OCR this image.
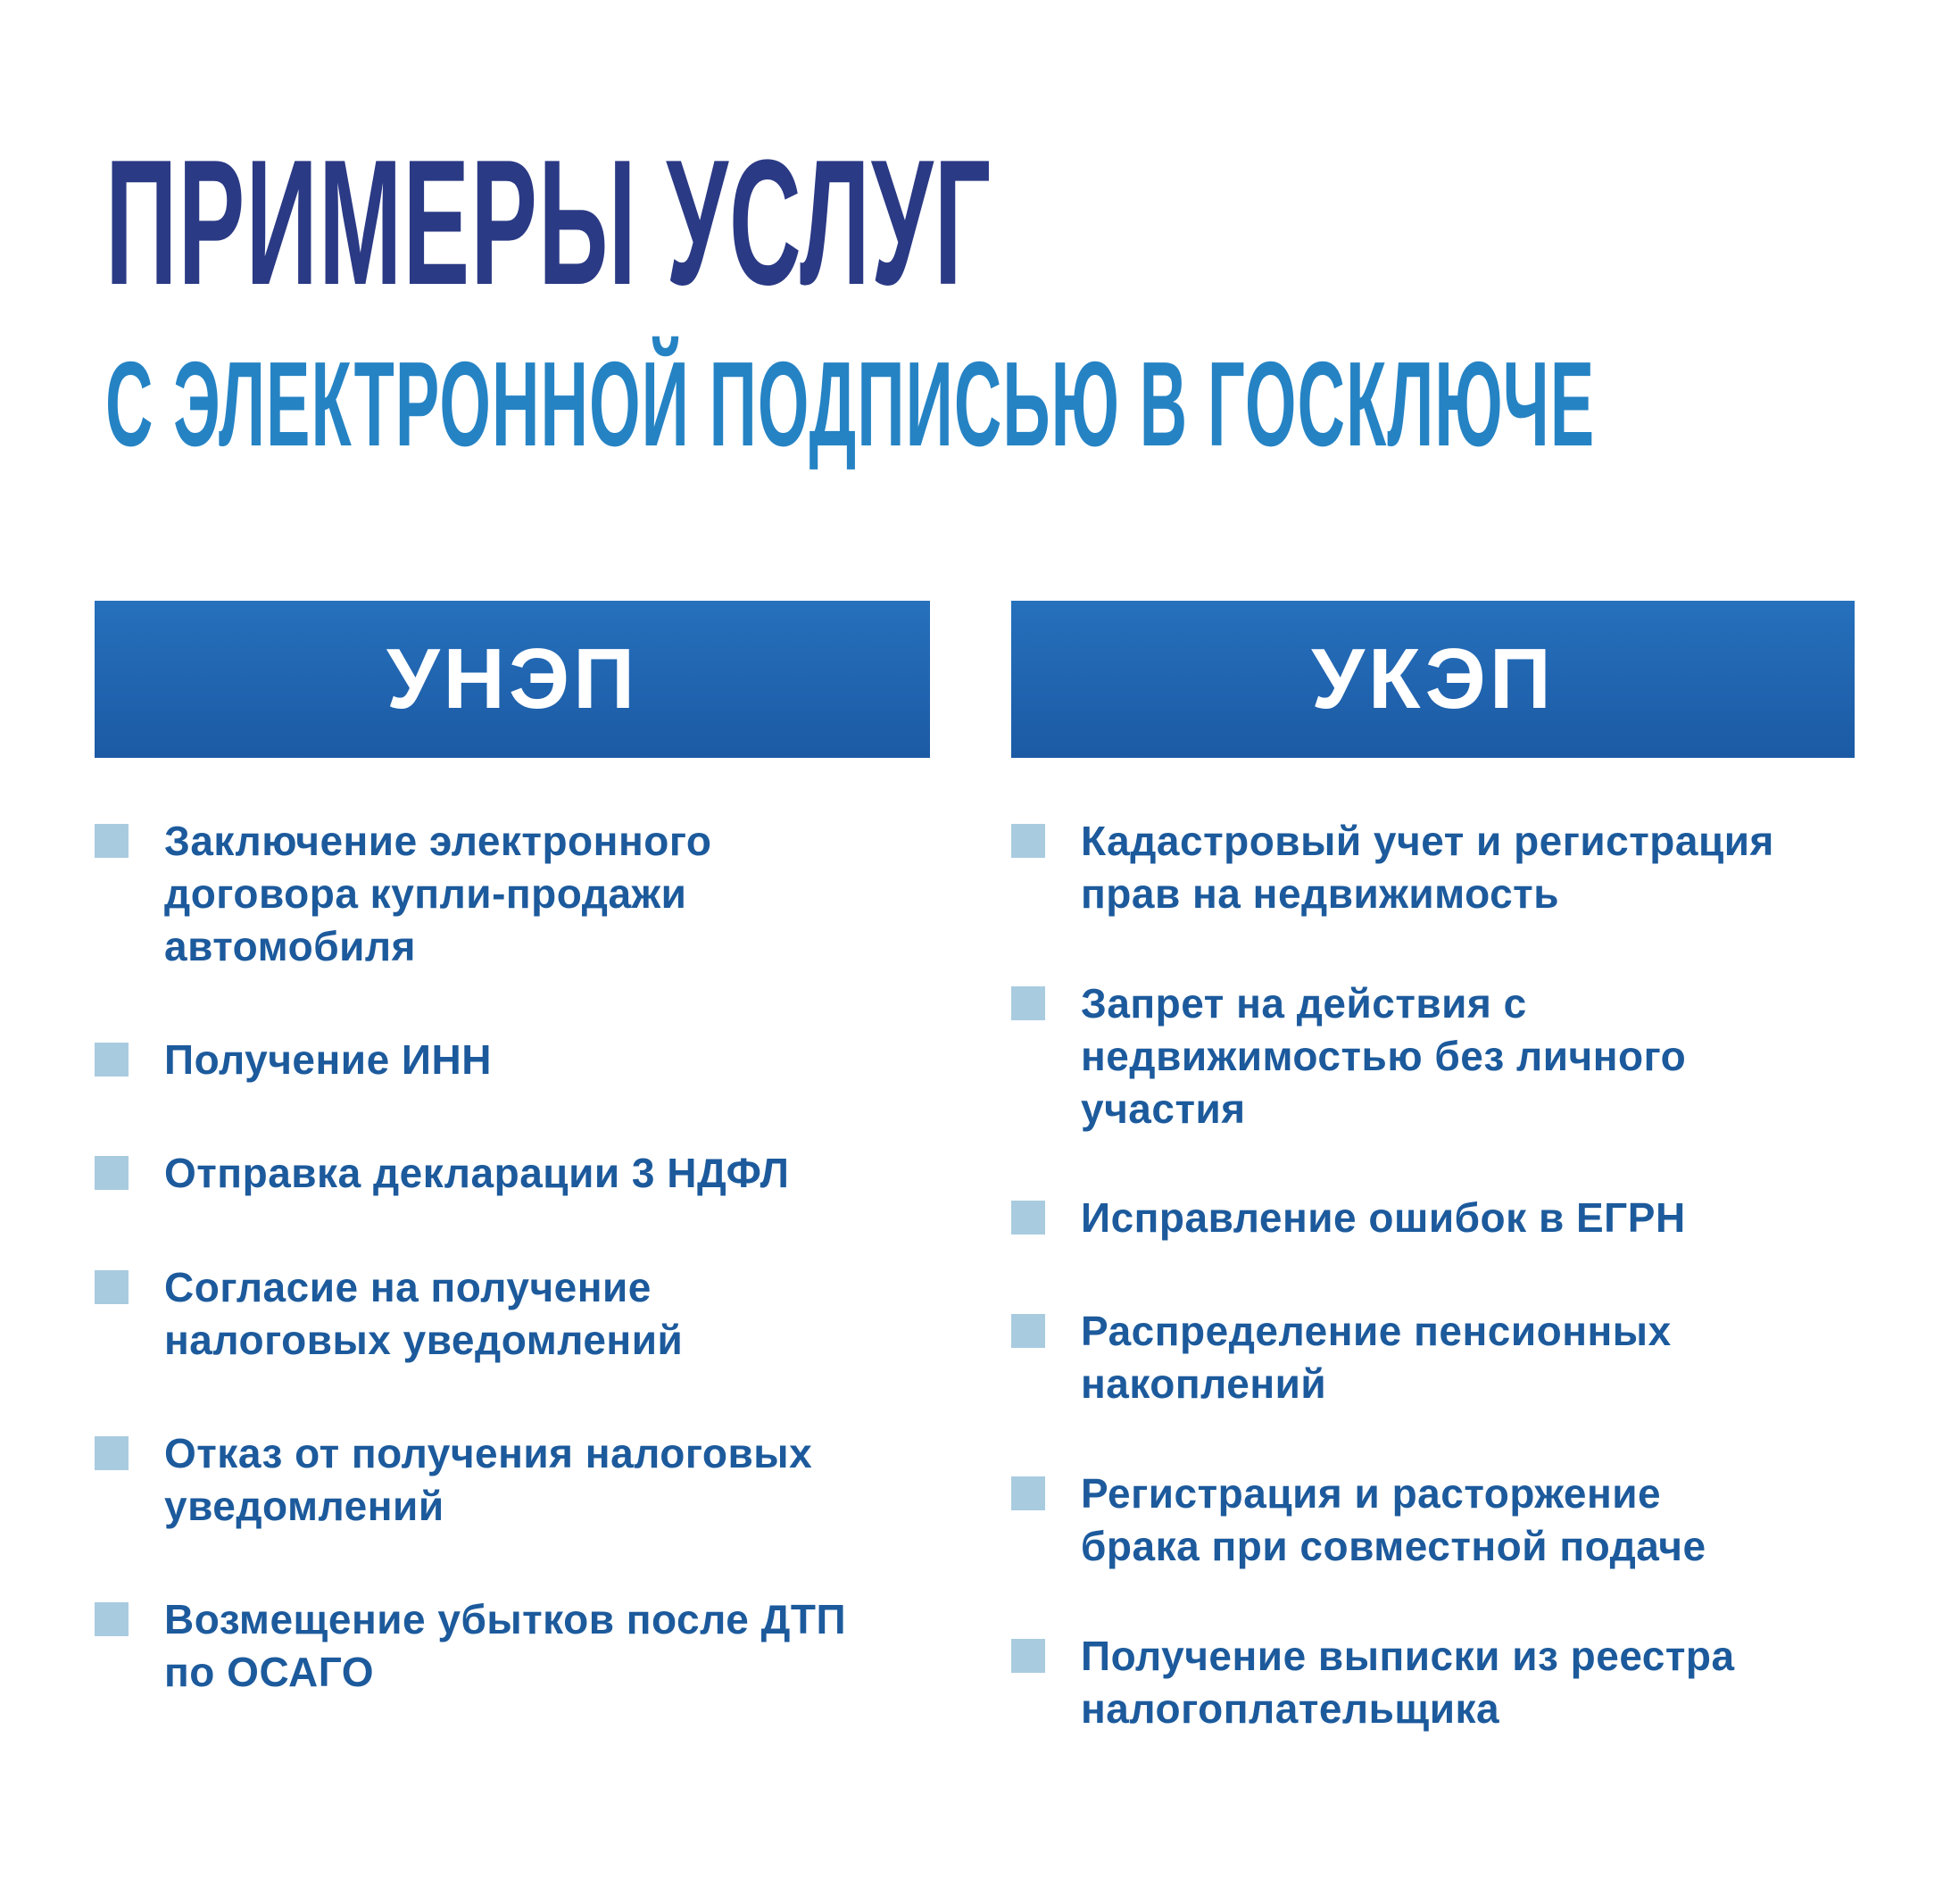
ПРИМЕРЫ УСЛУГ
С ЭЛЕКТРОННОЙ ПОДПИСЬЮ В ГОСКЛЮЧЕ
УНЭП
Заключение электронного
договора купли-продажи
автомобиля
Получение ИНН
Отправка декларации 3 НДФЛ
Согласие на получение
налоговых уведомлений
Отказ от получения налоговых
уведомлений
Возмещение убытков после ДТП
по ОСАГО
УКЭП
Кадастровый учет и регистрация
прав на недвижимость
Запрет на действия с
недвижимостью без личного
участия
Исправление ошибок в ЕГРН
Распределение пенсионных
накоплений
Регистрация и расторжение
брака при совместной подаче
Получение выписки из реестра
налогоплательщика
